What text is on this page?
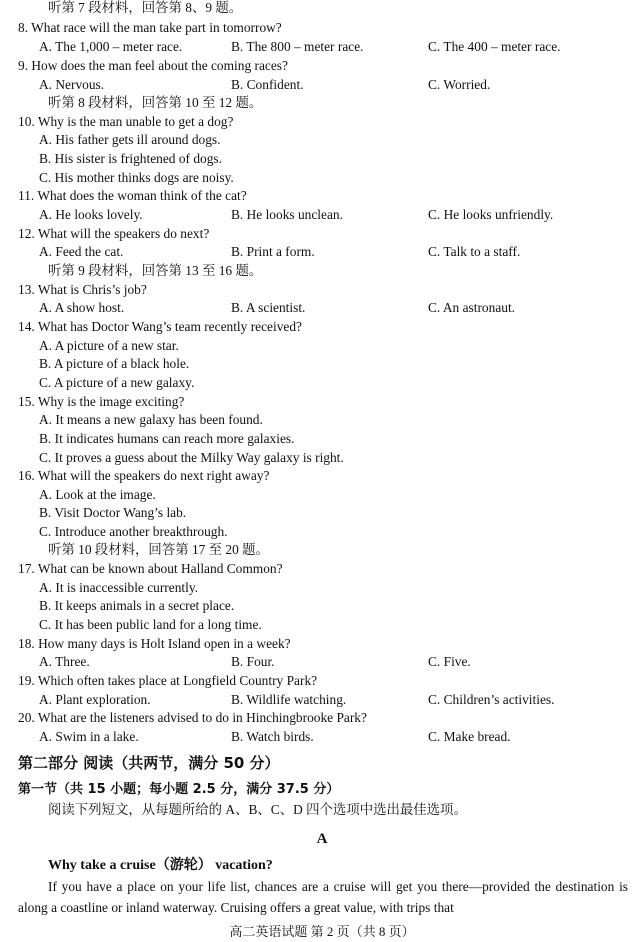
听第 7 段材料，回答第 8、9 题。
8. What race will the man take part in tomorrow?
A. The 1,000 – meter race.	B. The 800 – meter race.	C. The 400 – meter race.
9. How does the man feel about the coming races?
A. Nervous.	B. Confident.	C. Worried.
听第 8 段材料，回答第 10 至 12 题。
10. Why is the man unable to get a dog?
A. His father gets ill around dogs.
B. His sister is frightened of dogs.
C. His mother thinks dogs are noisy.
11. What does the woman think of the cat?
A. He looks lovely.	B. He looks unclean.	C. He looks unfriendly.
12. What will the speakers do next?
A. Feed the cat.	B. Print a form.	C. Talk to a staff.
听第 9 段材料，回答第 13 至 16 题。
13. What is Chris’s job?
A. A show host.	B. A scientist.	C. An astronaut.
14. What has Doctor Wang’s team recently received?
A. A picture of a new star.
B. A picture of a black hole.
C. A picture of a new galaxy.
15. Why is the image exciting?
A. It means a new galaxy has been found.
B. It indicates humans can reach more galaxies.
C. It proves a guess about the Milky Way galaxy is right.
16. What will the speakers do next right away?
A. Look at the image.
B. Visit Doctor Wang’s lab.
C. Introduce another breakthrough.
听第 10 段材料，回答第 17 至 20 题。
17. What can be known about Halland Common?
A. It is inaccessible currently.
B. It keeps animals in a secret place.
C. It has been public land for a long time.
18. How many days is Holt Island open in a week?
A. Three.	B. Four.	C. Five.
19. Which often takes place at Longfield Country Park?
A. Plant exploration.	B. Wildlife watching.	C. Children’s activities.
20. What are the listeners advised to do in Hinchingbrooke Park?
A. Swim in a lake.	B. Watch birds.	C. Make bread.
第二部分 阅读（共两节，满分 50 分）
第一节（共 15 小题；每小题 2.5 分，满分 37.5 分）
阅读下列短文，从每题所给的 A、B、C、D 四个选项中选出最佳选项。
A
Why take a cruise（游轮） vacation?
If you have a place on your life list, chances are a cruise will get you there—provided the destination is along a coastline or inland waterway. Cruising offers a great value, with trips that
高二英语试题 第 2 页（共 8 页）
